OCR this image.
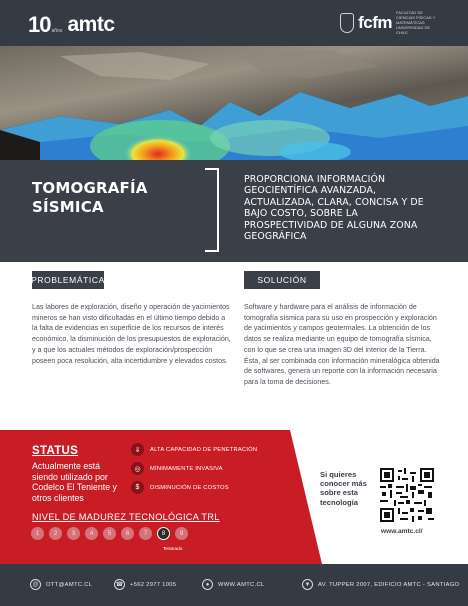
10 años amtc	fcfm FACULTAD DE CIENCIAS FÍSICAS Y MATEMÁTICAS UNIVERSIDAD DE CHILE
TOMOGRAFÍA
SÍSMICA
PROPORCIONA INFORMACIÓN GEOCIENTÍFICA AVANZADA, ACTUALIZADA, CLARA, CONCISA Y DE BAJO COSTO, SOBRE LA PROSPECTIVIDAD DE ALGUNA ZONA GEOGRÁFICA
PROBLEMÁTICA	SOLUCIÓN
Las labores de exploración, diseño y operación de yacimientos mineros se han visto dificultadas en el último tiempo debido a la falta de evidencias en superficie de los recursos de interés económico, la disminución de los presupuestos de exploración, y a que los actuales métodos de exploración/prospección poseen poca resolución, alta incertidumbre y elevados costos.
Software y hardware para el análisis de información de tomografía sísmica para su uso en prospección y exploración de yacimientos y campos geotermales. La obtención de los datos se realiza mediante un equipo de tomografía sísmica, con lo que se crea una imagen 3D del interior de la Tierra. Ésta, al ser combinada con información mineralógica obtenida de softwares, genera un reporte con la información necesaria para la toma de decisiones.
STATUS
Actualmente está siendo utilizado por Codelco El Teniente y otros clientes
⇓	ALTA CAPACIDAD DE PENETRACIÓN
◎	MÍNIMAMENTE INVASIVA
$	DISMINUCIÓN DE COSTOS
NIVEL DE MADUREZ TECNOLÓGICA TRL
1	2	3	4	5	6	7	8	9
Testeado
Si quieres conocer más sobre esta tecnología
www.amtc.cl/
@	OTT@AMTC.CL	☎	+562 2977 1005	●	WWW.AMTC.CL	▼	AV. TUPPER 2007, EDIFICIO AMTC - SANTIAGO
